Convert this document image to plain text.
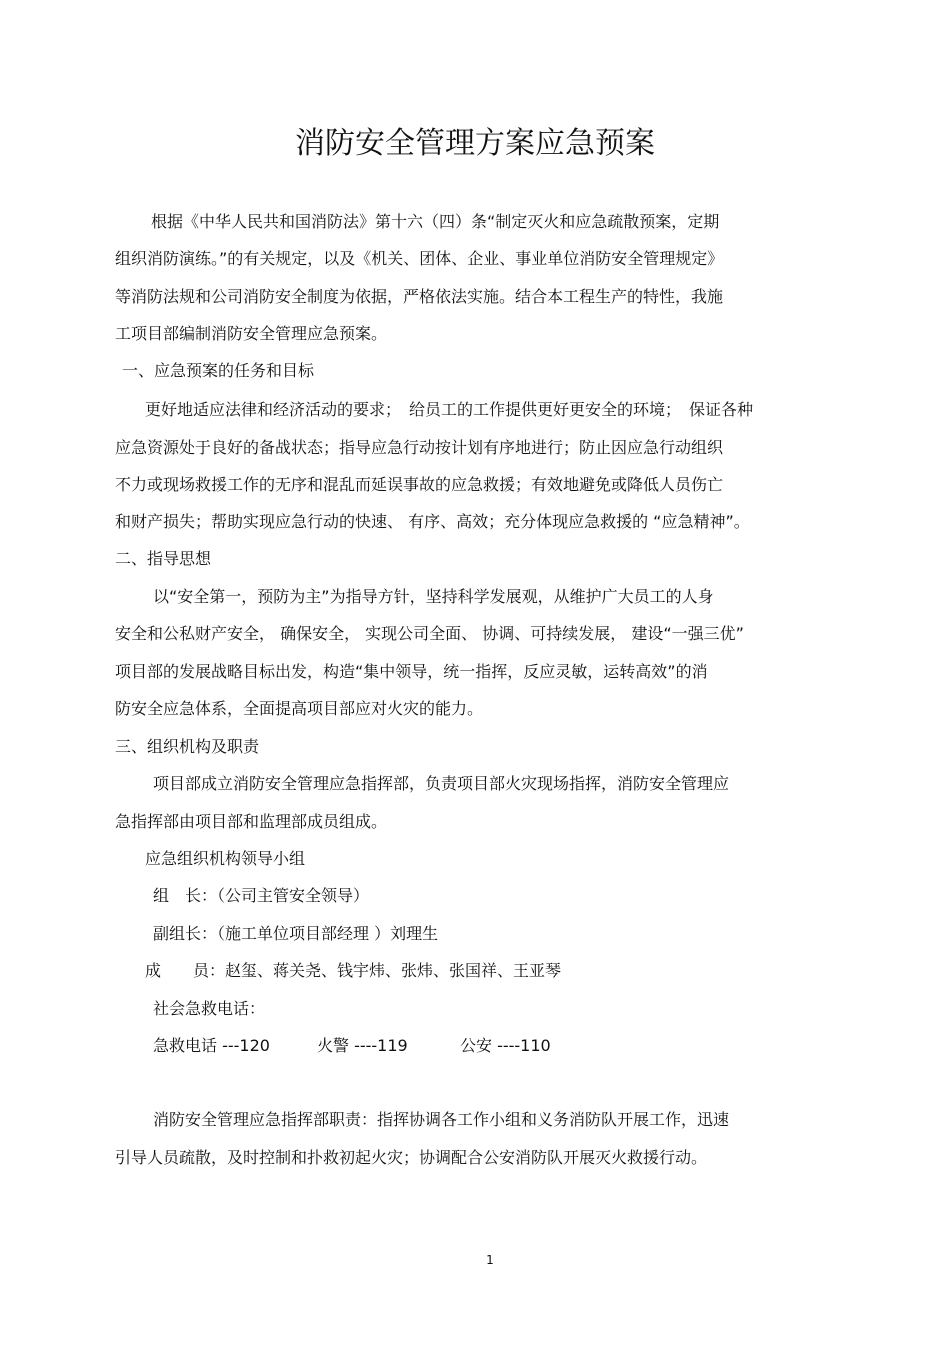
消防安全管理方案应急预案
根据《中华人民共和国消防法》第十六（四）条“制定灭火和应急疏散预案，定期
组织消防演练。”的有关规定，以及《机关、团体、企业、事业单位消防安全管理规定》
等消防法规和公司消防安全制度为依据，严格依法实施。结合本工程生产的特性，我施
工项目部编制消防安全管理应急预案。
一、应急预案的任务和目标
更好地适应法律和经济活动的要求；　给员工的工作提供更好更安全的环境；　保证各种
应急资源处于良好的备战状态；指导应急行动按计划有序地进行；防止因应急行动组织
不力或现场救援工作的无序和混乱而延误事故的应急救援；有效地避免或降低人员伤亡
和财产损失；帮助实现应急行动的快速、 有序、高效；充分体现应急救援的 “应急精神”。
二、指导思想
以“安全第一，预防为主”为指导方针，坚持科学发展观，从维护广大员工的人身
安全和公私财产安全， 确保安全， 实现公司全面、 协调、可持续发展， 建设“一强三优”
项目部的发展战略目标出发，构造“集中领导，统一指挥，反应灵敏，运转高效”的消
防安全应急体系，全面提高项目部应对火灾的能力。
三、组织机构及职责
项目部成立消防安全管理应急指挥部，负责项目部火灾现场指挥，消防安全管理应
急指挥部由项目部和监理部成员组成。
应急组织机构领导小组
组　长：（公司主管安全领导）
副组长：（施工单位项目部经理 ）刘理生
成　　员：赵玺、蒋关尧、钱宇炜、张炜、张国祥、王亚琴
社会急救电话：
急救电话 ---120	火警 ----119	公安 ----110
消防安全管理应急指挥部职责：指挥协调各工作小组和义务消防队开展工作，迅速
引导人员疏散，及时控制和扑救初起火灾；协调配合公安消防队开展灭火救援行动。
1
